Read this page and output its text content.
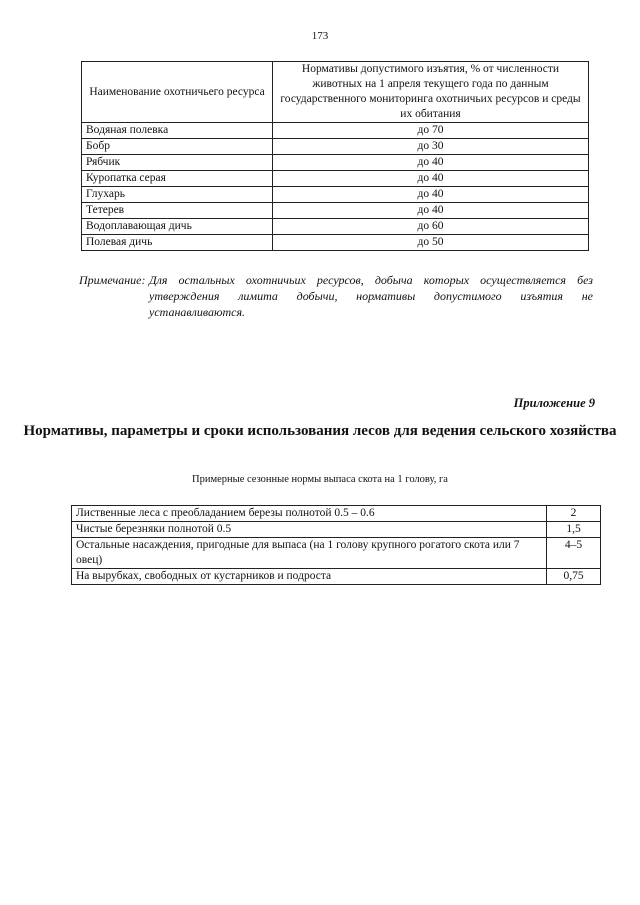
173
Наименование охотничьего ресурса	Нормативы допустимого изъятия, % от численности животных на 1 апреля текущего года по данным государственного мониторинга охотничьих ресурсов и среды их обитания
Водяная полевка	до 70
Бобр	до 30
Рябчик	до 40
Куропатка серая	до 40
Глухарь	до 40
Тетерев	до 40
Водоплавающая дичь	до 60
Полевая дичь	до 50
Примечание: Для остальных охотничьих ресурсов, добыча которых осуществляется без утверждения лимита добычи, нормативы допустимого изъятия не устанавливаются.
Приложение 9
Нормативы, параметры и сроки использования лесов для ведения сельского хозяйства
Примерные сезонные нормы выпаса скота на 1 голову, га
Лиственные леса с преобладанием березы полнотой 0.5 – 0.6	2
Чистые березняки полнотой 0.5	1,5
Остальные насаждения, пригодные для выпаса (на 1 голову крупного рогатого скота или 7 овец)	4–5
На вырубках, свободных от кустарников и подроста	0,75
